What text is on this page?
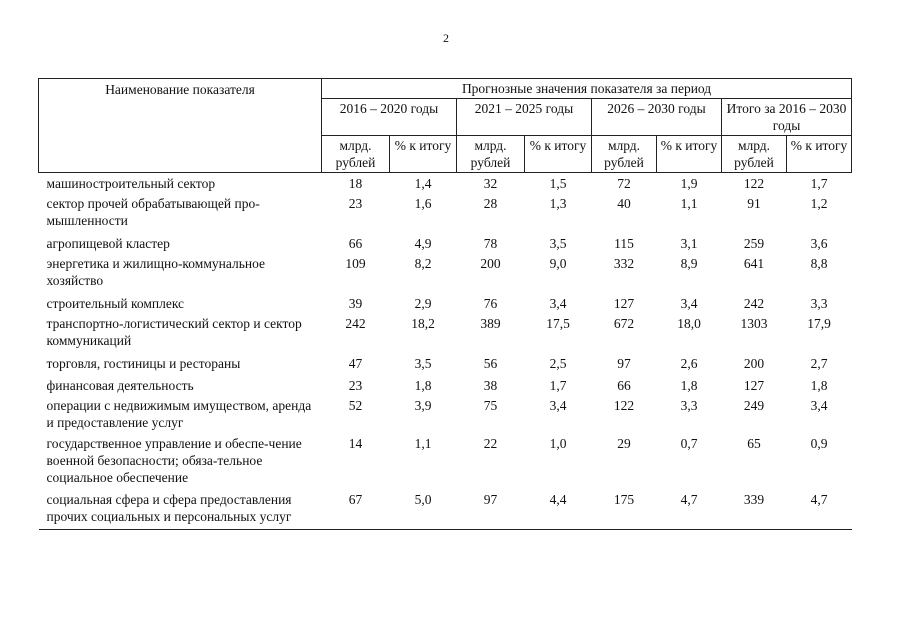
2
Наименование показателя	Прогнозные значения показателя за период							
	2016 – 2020 годы		2021 – 2025 годы		2026 – 2030 годы		Итого за 2016 – 2030 годы	
	млрд. рублей	% к итогу	млрд. рублей	% к итогу	млрд. рублей	% к итогу	млрд. рублей	% к итогу
машиностроительный сектор	18	1,4	32	1,5	72	1,9	122	1,7
сектор прочей обрабатывающей про-мышленности	23	1,6	28	1,3	40	1,1	91	1,2
агропищевой кластер	66	4,9	78	3,5	115	3,1	259	3,6
энергетика и жилищно-коммунальное хозяйство	109	8,2	200	9,0	332	8,9	641	8,8
строительный комплекс	39	2,9	76	3,4	127	3,4	242	3,3
транспортно-логистический сектор и сектор коммуникаций	242	18,2	389	17,5	672	18,0	1303	17,9
торговля, гостиницы и рестораны	47	3,5	56	2,5	97	2,6	200	2,7
финансовая деятельность	23	1,8	38	1,7	66	1,8	127	1,8
операции с недвижимым имуществом, аренда и предоставление услуг	52	3,9	75	3,4	122	3,3	249	3,4
государственное управление и обеспе-чение военной безопасности; обяза-тельное социальное обеспечение	14	1,1	22	1,0	29	0,7	65	0,9
социальная сфера и сфера предоставления прочих социальных и персональных услуг	67	5,0	97	4,4	175	4,7	339	4,7
